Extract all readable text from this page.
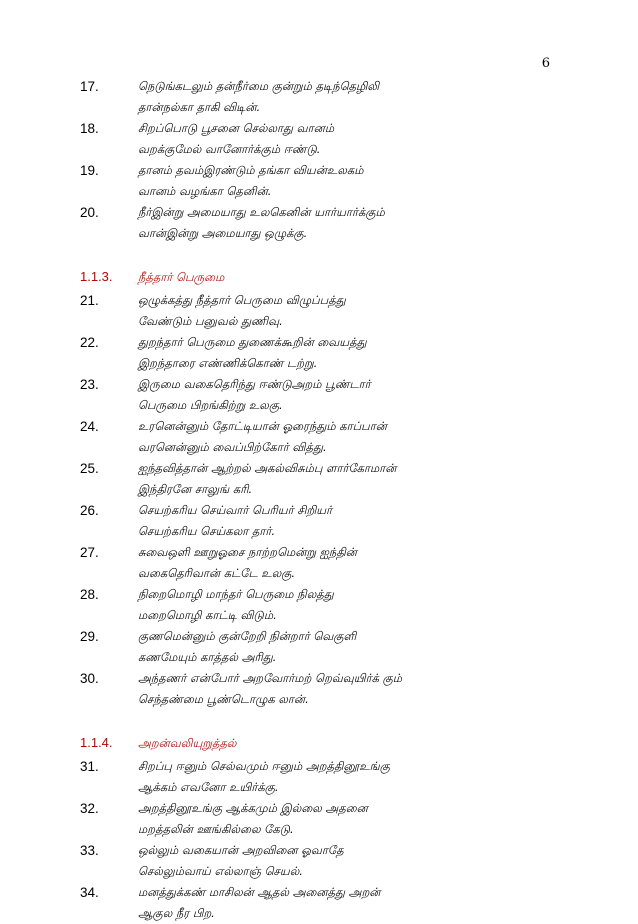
6
17.	நெடுங்கடலும் தன்நீர்மை குன்றும் தடிந்தெழிலி
தான்நல்கா தாகி விடின்.
18.	சிறப்பொடு பூசனை செல்லாது வானம்
வறக்குமேல் வானோர்க்கும் ஈண்டு.
19.	தானம் தவம்இரண்டும் தங்கா வியன்உலகம்
வானம் வழங்கா தெனின்.
20.	நீர்இன்று அமையாது உலகெனின் யார்யார்க்கும்
வான்இன்று அமையாது ஒழுக்கு.
1.1.3.	நீத்தார் பெருமை
21.	ஒழுக்கத்து நீத்தார் பெருமை விழுப்பத்து
வேண்டும் பனுவல் துணிவு.
22.	துறந்தார் பெருமை துணைக்கூறின் வையத்து
இறந்தாரை எண்ணிக்கொண் டற்று.
23.	இருமை வகைதெரிந்து ஈண்டுஅறம் பூண்டார்
பெருமை பிறங்கிற்று உலகு.
24.	உரனென்னும் தோட்டியான் ஓரைந்தும் காப்பான்
வரனென்னும் வைப்பிற்கோர் வித்து.
25.	ஐந்தவித்தான் ஆற்றல் அகல்விசும்பு ளார்கோமான்
இந்திரனே சாலுங் கரி.
26.	செயற்கரிய செய்வார் பெரியர் சிறியர்
செயற்கரிய செய்கலா தார்.
27.	சுவைஒளி ஊறுஓசை நாற்றமென்று ஐந்தின்
வகைதெரிவான் கட்டே உலகு.
28.	நிறைமொழி மாந்தர் பெருமை நிலத்து
மறைமொழி காட்டி விடும்.
29.	குணமென்னும் குன்றேறி நின்றார் வெகுளி
கணமேயும் காத்தல் அரிது.
30.	அந்தணர் என்போர் அறவோர்மற் றெவ்வுயிர்க் கும்
செந்தண்மை பூண்டொழுக லான்.
1.1.4.	அறன்வலியுறுத்தல்
31.	சிறப்பு ஈனும் செல்வமும் ஈனும் அறத்தினூஉங்கு
ஆக்கம் எவனோ உயிர்க்கு.
32.	அறத்தினூஉங்கு ஆக்கமும் இல்லை அதனை
மறத்தலின் ஊங்கில்லை கேடு.
33.	ஒல்லும் வகையான் அறவினை ஓவாதே
செல்லும்வாய் எல்லாஞ் செயல்.
34.	மனத்துக்கண் மாசிலன் ஆதல் அனைத்து அறன்
ஆகுல நீர பிற.
